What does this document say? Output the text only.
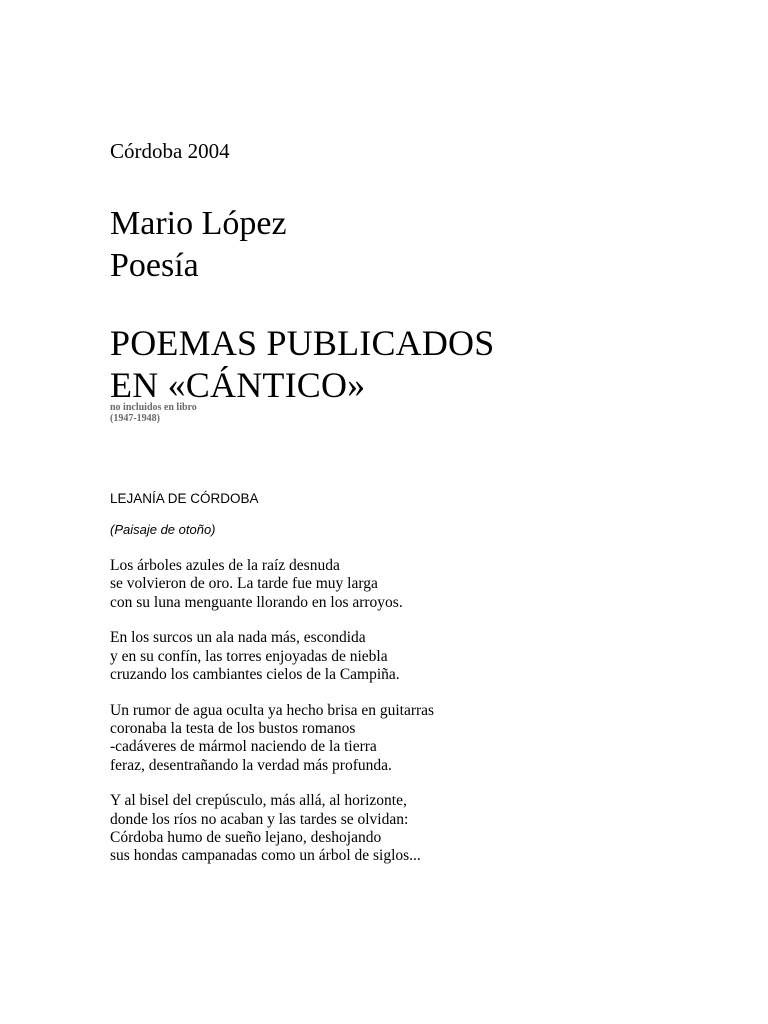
Córdoba 2004
Mario López
Poesía
POEMAS PUBLICADOS
EN «CÁNTICO»
no incluidos en libro
(1947-1948)
LEJANÍA DE CÓRDOBA
(Paisaje de otoño)
Los árboles azules de la raíz desnuda
se volvieron de oro. La tarde fue muy larga
con su luna menguante llorando en los arroyos.
En los surcos un ala nada más, escondida
y en su confín, las torres enjoyadas de niebla
cruzando los cambiantes cielos de la Campiña.
Un rumor de agua oculta ya hecho brisa en guitarras
coronaba la testa de los bustos romanos
-cadáveres de mármol naciendo de la tierra
feraz, desentrañando la verdad más profunda.
Y al bisel del crepúsculo, más allá, al horizonte,
donde los ríos no acaban y las tardes se olvidan:
Córdoba humo de sueño lejano, deshojando
sus hondas campanadas como un árbol de siglos...
